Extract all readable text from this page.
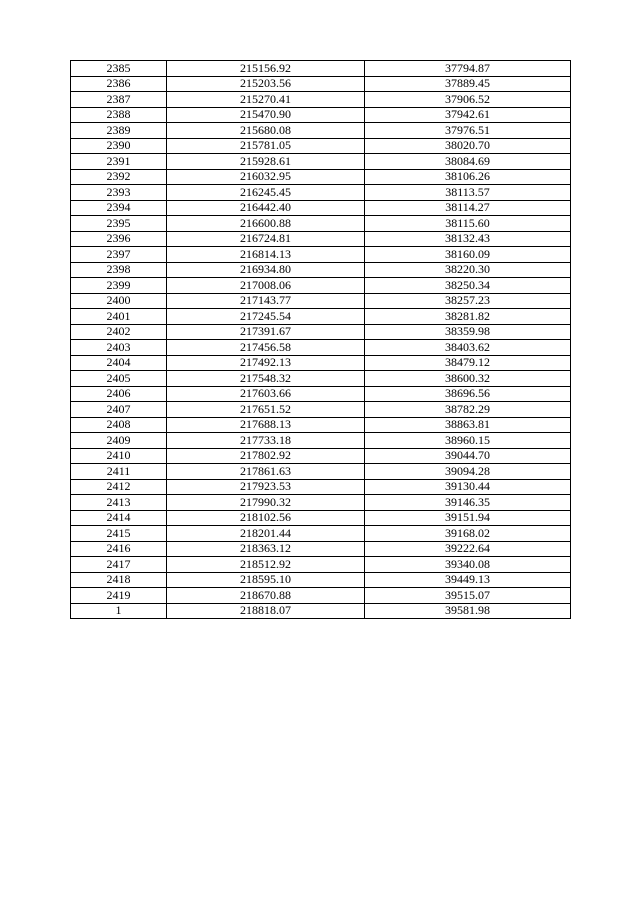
2385	215156.92	37794.87
2386	215203.56	37889.45
2387	215270.41	37906.52
2388	215470.90	37942.61
2389	215680.08	37976.51
2390	215781.05	38020.70
2391	215928.61	38084.69
2392	216032.95	38106.26
2393	216245.45	38113.57
2394	216442.40	38114.27
2395	216600.88	38115.60
2396	216724.81	38132.43
2397	216814.13	38160.09
2398	216934.80	38220.30
2399	217008.06	38250.34
2400	217143.77	38257.23
2401	217245.54	38281.82
2402	217391.67	38359.98
2403	217456.58	38403.62
2404	217492.13	38479.12
2405	217548.32	38600.32
2406	217603.66	38696.56
2407	217651.52	38782.29
2408	217688.13	38863.81
2409	217733.18	38960.15
2410	217802.92	39044.70
2411	217861.63	39094.28
2412	217923.53	39130.44
2413	217990.32	39146.35
2414	218102.56	39151.94
2415	218201.44	39168.02
2416	218363.12	39222.64
2417	218512.92	39340.08
2418	218595.10	39449.13
2419	218670.88	39515.07
1	218818.07	39581.98
